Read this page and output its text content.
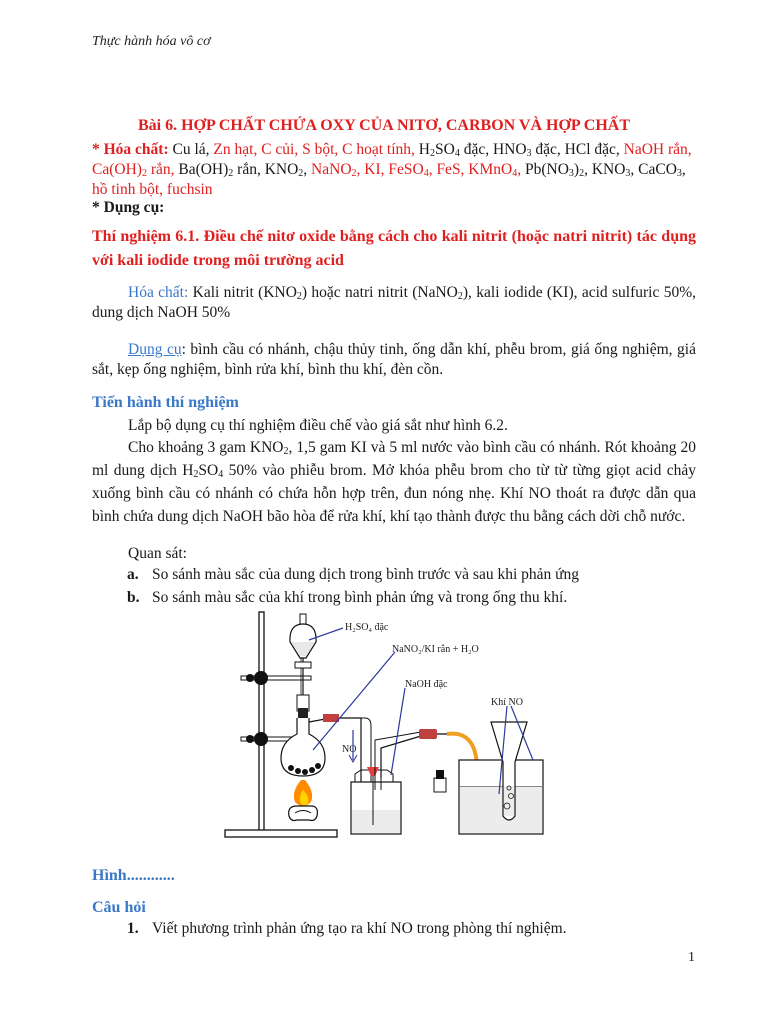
Thực hành hóa vô cơ
Bài 6. HỢP CHẤT CHỨA OXY CỦA NITƠ, CARBON VÀ HỢP CHẤT
* Hóa chất: Cu lá, Zn hạt, C củi, S bột, C hoạt tính, $H_2SO_4$ đặc, $HNO_3$ đặc, HCl đặc, NaOH rắn, $Ca(OH)_2$ rắn, $Ba(OH)_2$ rắn, $KNO_2$, NaNO$_2$, KI, FeSO$_4$, FeS, KMnO$_4$, $Pb(NO_3)_2$, $KNO_3$, CaCO$_3$, hồ tinh bột, fuchsin
* Dụng cụ:
Thí nghiệm 6.1. Điều chế nitơ oxide bằng cách cho kali nitrit (hoặc natri nitrit) tác dụng với kali iodide trong môi trường acid
Hóa chất: Kali nitrit $(KNO_2)$ hoặc natri nitrit (NaNO$_2$), kali iodide (KI), acid sulfuric 50%, dung dịch NaOH 50%
Dụng cụ: bình cầu có nhánh, chậu thủy tinh, ống dẫn khí, phễu brom, giá ống nghiệm, giá sắt, kẹp ống nghiệm, bình rửa khí, bình thu khí, đèn cồn.
Tiến hành thí nghiệm
Lắp bộ dụng cụ thí nghiệm điều chế vào giá sắt như hình 6.2.
Cho khoảng 3 gam $KNO_2$, 1,5 gam KI và 5 ml nước vào bình cầu có nhánh. Rót khoảng 20 ml dung dịch $H_2SO_4$ 50% vào phiễu brom. Mở khóa phễu brom cho từ từ từng giọt acid chảy xuống bình cầu có nhánh có chứa hỗn hợp trên, đun nóng nhẹ. Khí NO thoát ra được dẫn qua bình chứa dung dịch NaOH bão hòa để rửa khí, khí tạo thành được thu bằng cách dời chỗ nước.
Quan sát:
a. So sánh màu sắc của dung dịch trong bình trước và sau khi phản ứng
b. So sánh màu sắc của khí trong bình phản ứng và trong ống thu khí.
H₂SO₄ đặc
NaNO₂/KI rắn + H₂O
NaOH đặc
Khí NO
NO
Hình............
Câu hỏi
1. Viết phương trình phản ứng tạo ra khí NO trong phòng thí nghiệm.
1
